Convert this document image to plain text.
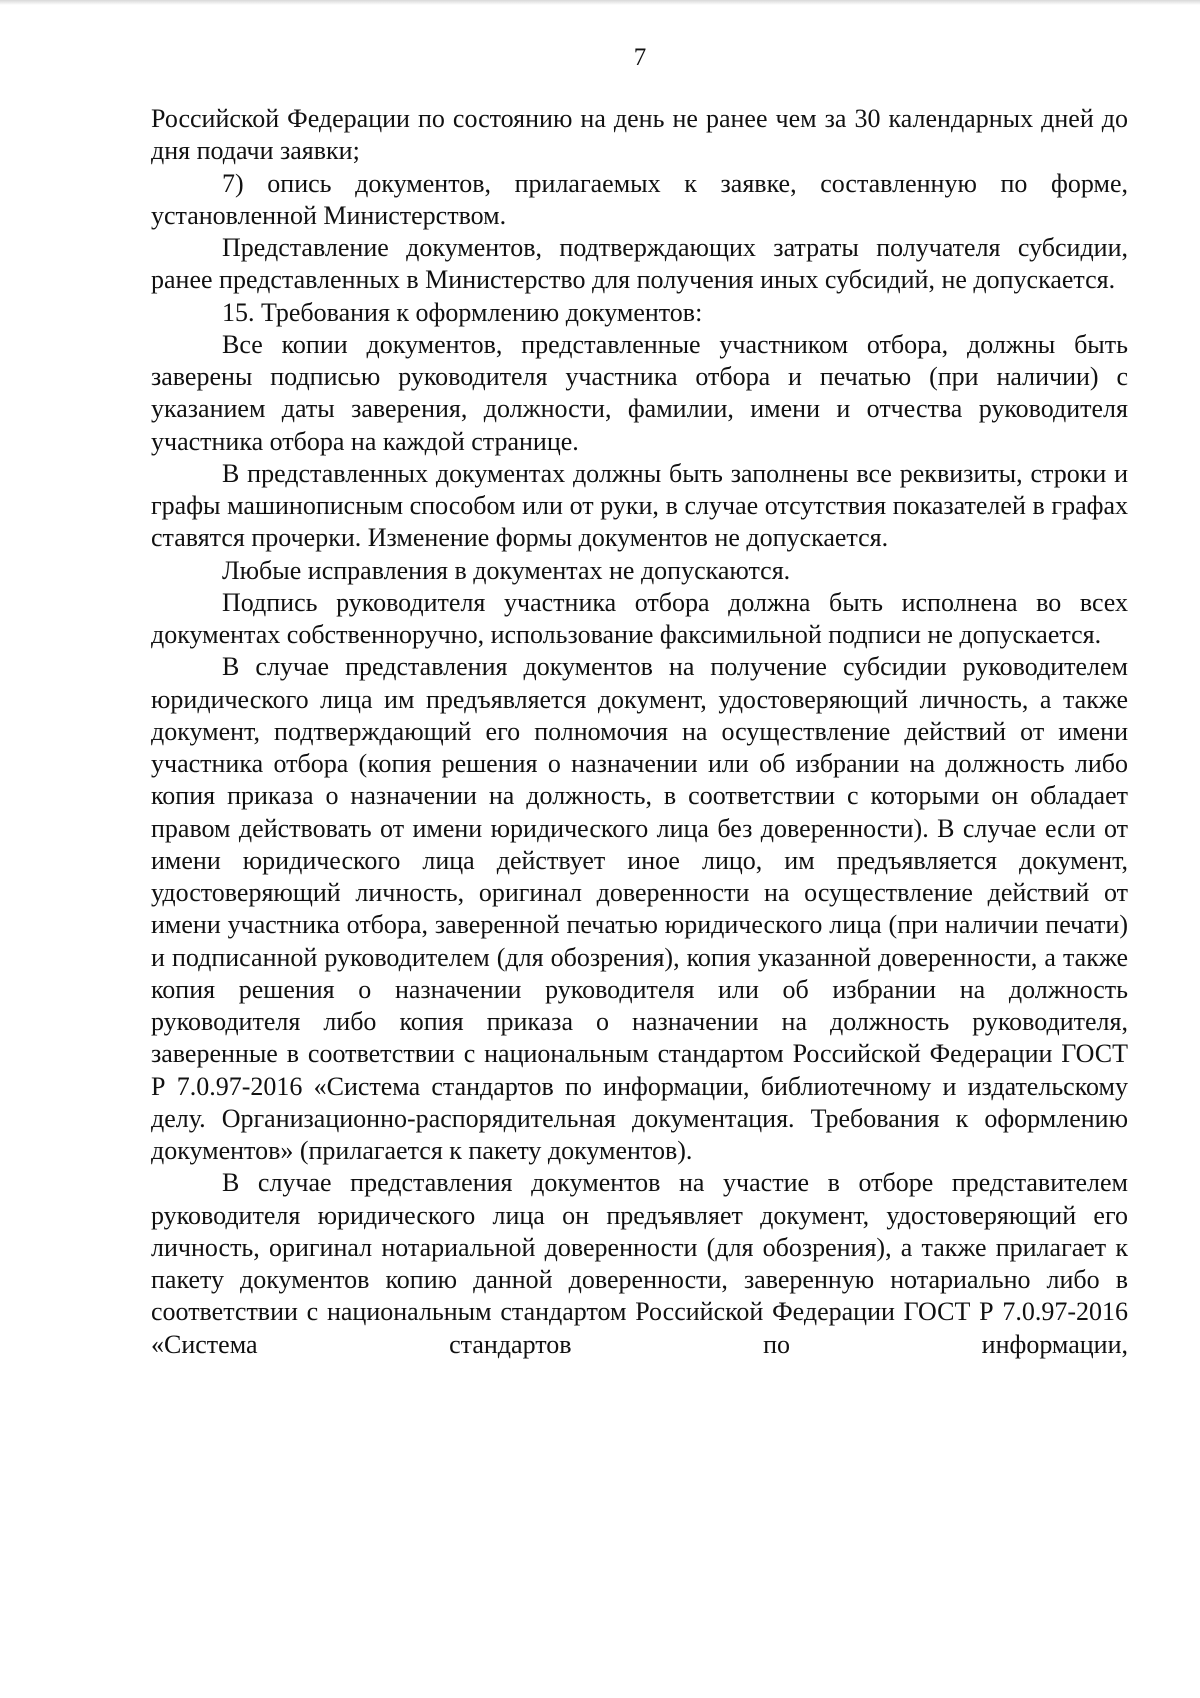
7

Российской Федерации по состоянию на день не ранее чем за 30 календарных дней до дня подачи заявки;

7) опись документов, прилагаемых к заявке, составленную по форме, установленной Министерством.

Представление документов, подтверждающих затраты получателя субсидии, ранее представленных в Министерство для получения иных субсидий, не допускается.

15. Требования к оформлению документов:

Все копии документов, представленные участником отбора, должны быть заверены подписью руководителя участника отбора и печатью (при наличии) с указанием даты заверения, должности, фамилии, имени и отчества руководителя участника отбора на каждой странице.

В представленных документах должны быть заполнены все реквизиты, строки и графы машинописным способом или от руки, в случае отсутствия показателей в графах ставятся прочерки. Изменение формы документов не допускается.

Любые исправления в документах не допускаются.

Подпись руководителя участника отбора должна быть исполнена во всех документах собственноручно, использование факсимильной подписи не допускается.

В случае представления документов на получение субсидии руководителем юридического лица им предъявляется документ, удостоверяющий личность, а также документ, подтверждающий его полномочия на осуществление действий от имени участника отбора (копия решения о назначении или об избрании на должность либо копия приказа о назначении на должность, в соответствии с которыми он обладает правом действовать от имени юридического лица без доверенности). В случае если от имени юридического лица действует иное лицо, им предъявляется документ, удостоверяющий личность, оригинал доверенности на осуществление действий от имени участника отбора, заверенной печатью юридического лица (при наличии печати) и подписанной руководителем (для обозрения), копия указанной доверенности, а также копия решения о назначении руководителя или об избрании на должность руководителя либо копия приказа о назначении на должность руководителя, заверенные в соответствии с национальным стандартом Российской Федерации ГОСТ Р 7.0.97-2016 «Система стандартов по информации, библиотечному и издательскому делу. Организационно-распорядительная документация. Требования к оформлению документов» (прилагается к пакету документов).

В случае представления документов на участие в отборе представителем руководителя юридического лица он предъявляет документ, удостоверяющий его личность, оригинал нотариальной доверенности (для обозрения), а также прилагает к пакету документов копию данной доверенности, заверенную нотариально либо в соответствии с национальным стандартом Российской Федерации ГОСТ Р 7.0.97-2016 «Система стандартов по информации,
